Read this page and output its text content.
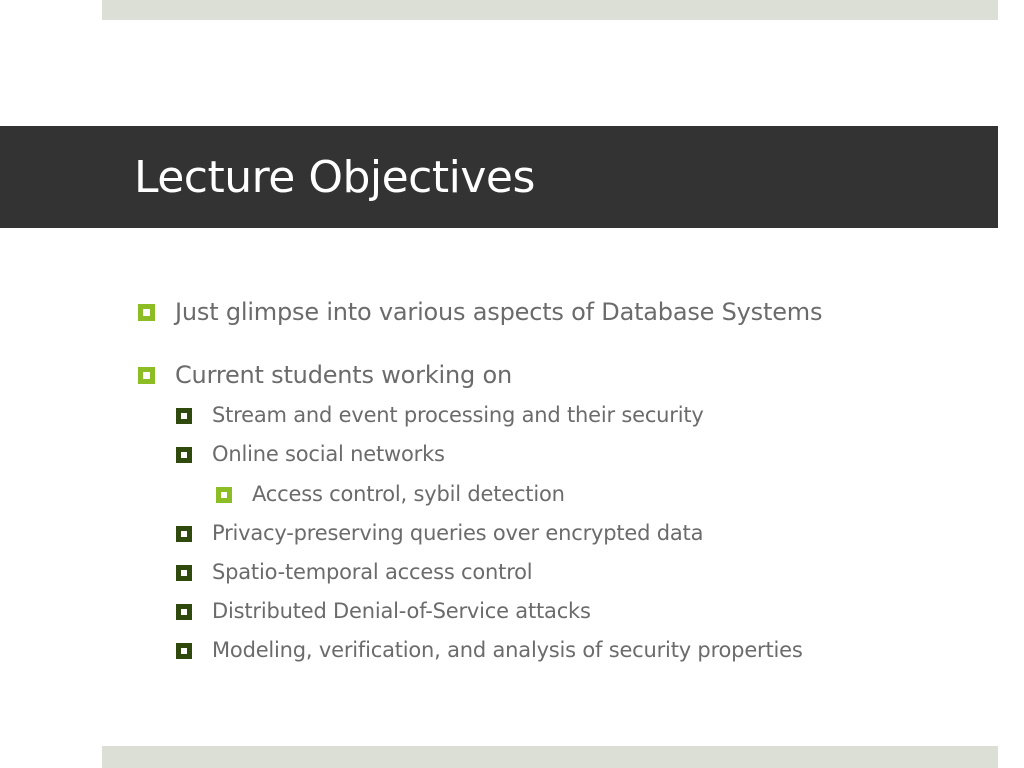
Lecture Objectives
Just glimpse into various aspects of Database Systems
Current students working on
Stream and event processing and their security
Online social networks
Access control, sybil detection
Privacy-preserving queries over encrypted data
Spatio-temporal access control
Distributed Denial-of-Service attacks
Modeling, verification, and analysis of security properties
